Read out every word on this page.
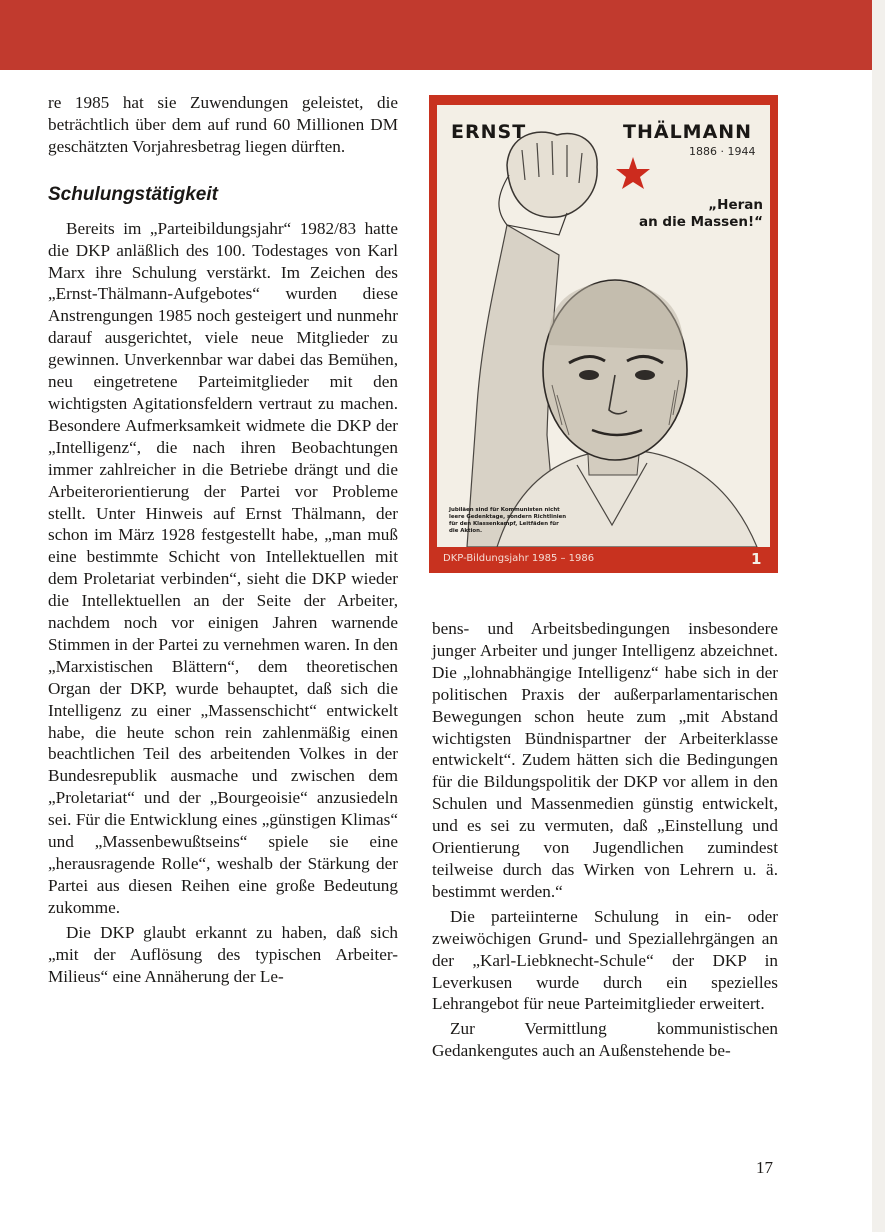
re 1985 hat sie Zuwendungen geleistet, die beträchtlich über dem auf rund 60 Millionen DM geschätzten Vorjahresbetrag liegen dürften.

Schulungstätigkeit

Bereits im „Parteibildungsjahr“ 1982/83 hatte die DKP anläßlich des 100. Todestages von Karl Marx ihre Schulung verstärkt. Im Zeichen des „Ernst-Thälmann-Aufgebotes“ wurden diese Anstrengungen 1985 noch gesteigert und nunmehr darauf ausgerichtet, viele neue Mitglieder zu gewinnen. Unverkennbar war dabei das Bemühen, neu eingetretene Parteimitglieder mit den wichtigsten Agitationsfeldern vertraut zu machen. Besondere Aufmerksamkeit widmete die DKP der „Intelligenz“, die nach ihren Beobachtungen immer zahlreicher in die Betriebe drängt und die Arbeiterorientierung der Partei vor Probleme stellt. Unter Hinweis auf Ernst Thälmann, der schon im März 1928 festgestellt habe, „man muß eine bestimmte Schicht von Intellektuellen mit dem Proletariat verbinden“, sieht die DKP wieder die Intellektuellen an der Seite der Arbeiter, nachdem noch vor einigen Jahren warnende Stimmen in der Partei zu vernehmen waren. In den „Marxistischen Blättern“, dem theoretischen Organ der DKP, wurde behauptet, daß sich die Intelligenz zu einer „Massenschicht“ entwickelt habe, die heute schon rein zahlenmäßig einen beachtlichen Teil des arbeitenden Volkes in der Bundesrepublik ausmache und zwischen dem „Proletariat“ und der „Bourgeoisie“ anzusiedeln sei. Für die Entwicklung eines „günstigen Klimas“ und „Massenbewußtseins“ spiele sie eine „herausragende Rolle“, weshalb der Stärkung der Partei aus diesen Reihen eine große Bedeutung zukomme.

Die DKP glaubt erkannt zu haben, daß sich „mit der Auflösung des typischen Arbeiter-Milieus“ eine Annäherung der Le-

ERNST	THÄLMANN
1886 · 1944
„Heran
an die Massen!“
Jubiläen sind für Kommunisten nicht leere Gedenktage, sondern Richtlinien für den Klassenkampf, Leitfäden für die Aktion.
DKP-Bildungsjahr 1985 – 1986	1

bens- und Arbeitsbedingungen insbesondere junger Arbeiter und junger Intelligenz abzeichnet. Die „lohnabhängige Intelligenz“ habe sich in der politischen Praxis der außerparlamentarischen Bewegungen schon heute zum „mit Abstand wichtigsten Bündnispartner der Arbeiterklasse entwickelt“. Zudem hätten sich die Bedingungen für die Bildungspolitik der DKP vor allem in den Schulen und Massenmedien günstig entwickelt, und es sei zu vermuten, daß „Einstellung und Orientierung von Jugendlichen zumindest teilweise durch das Wirken von Lehrern u. ä. bestimmt werden.“

Die parteiinterne Schulung in ein- oder zweiwöchigen Grund- und Speziallehrgängen an der „Karl-Liebknecht-Schule“ der DKP in Leverkusen wurde durch ein spezielles Lehrangebot für neue Parteimitglieder erweitert.

Zur Vermittlung kommunistischen Gedankengutes auch an Außenstehende be-

17
